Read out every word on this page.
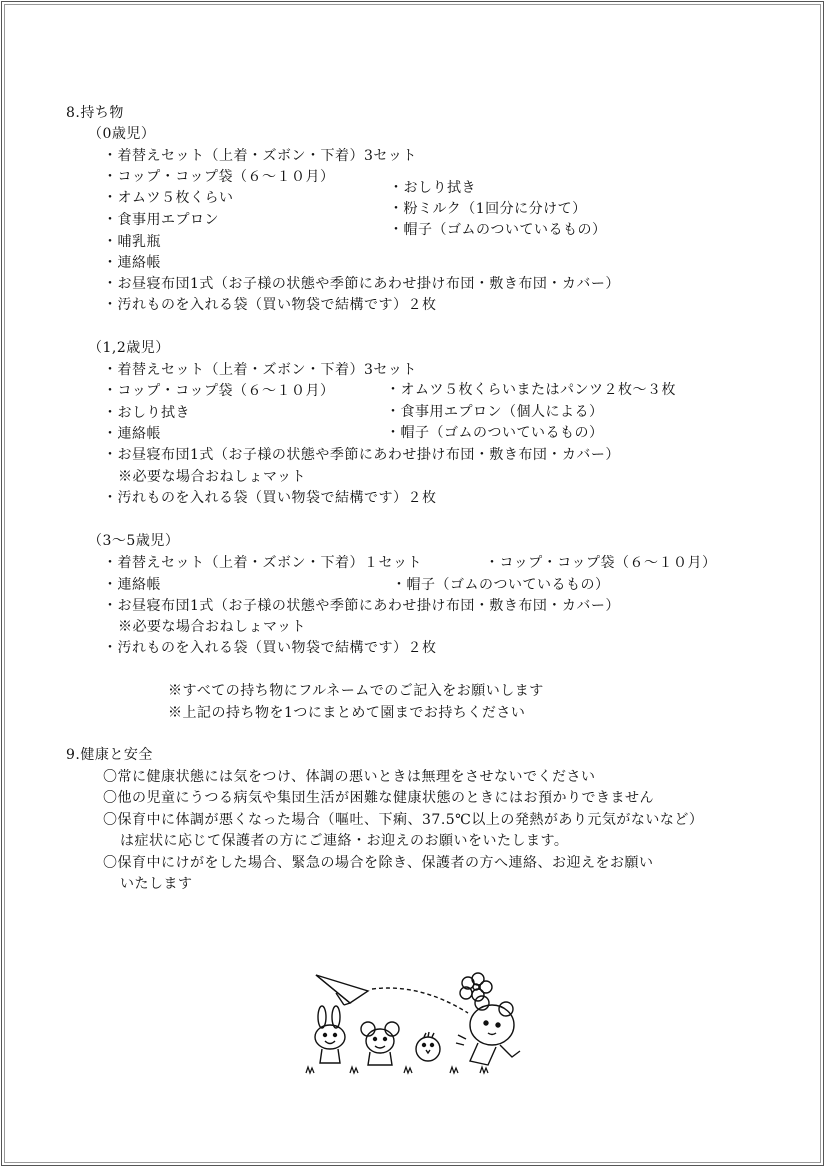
8.持ち物
（0歳児）
・着替えセット（上着・ズボン・下着）3セット
・コップ・コップ袋（６～１０月）
・オムツ５枚くらい
・食事用エプロン
・哺乳瓶
・連絡帳
・お昼寝布団1式（お子様の状態や季節にあわせ掛け布団・敷き布団・カバー）
・汚れものを入れる袋（買い物袋で結構です）２枚
・おしり拭き
・粉ミルク（1回分に分けて）
・帽子（ゴムのついているもの）
（1,2歳児）
・着替えセット（上着・ズボン・下着）3セット
・コップ・コップ袋（６～１０月）
・おしり拭き
・連絡帳
・お昼寝布団1式（お子様の状態や季節にあわせ掛け布団・敷き布団・カバー）
※必要な場合おねしょマット
・汚れものを入れる袋（買い物袋で結構です）２枚
・オムツ５枚くらいまたはパンツ２枚～３枚
・食事用エプロン（個人による）
・帽子（ゴムのついているもの）
（3～5歳児）
・着替えセット（上着・ズボン・下着）１セット
・連絡帳
・お昼寝布団1式（お子様の状態や季節にあわせ掛け布団・敷き布団・カバー）
※必要な場合おねしょマット
・汚れものを入れる袋（買い物袋で結構です）２枚
・コップ・コップ袋（６～１０月）
・帽子（ゴムのついているもの）
※すべての持ち物にフルネームでのご記入をお願いします
※上記の持ち物を1つにまとめて園までお持ちください
9.健康と安全
〇常に健康状態には気をつけ、体調の悪いときは無理をさせないでください
〇他の児童にうつる病気や集団生活が困難な健康状態のときにはお預かりできません
〇保育中に体調が悪くなった場合（嘔吐、下痢、37.5℃以上の発熱があり元気がないなど）
は症状に応じて保護者の方にご連絡・お迎えのお願いをいたします。
〇保育中にけがをした場合、緊急の場合を除き、保護者の方へ連絡、お迎えをお願い
いたします
